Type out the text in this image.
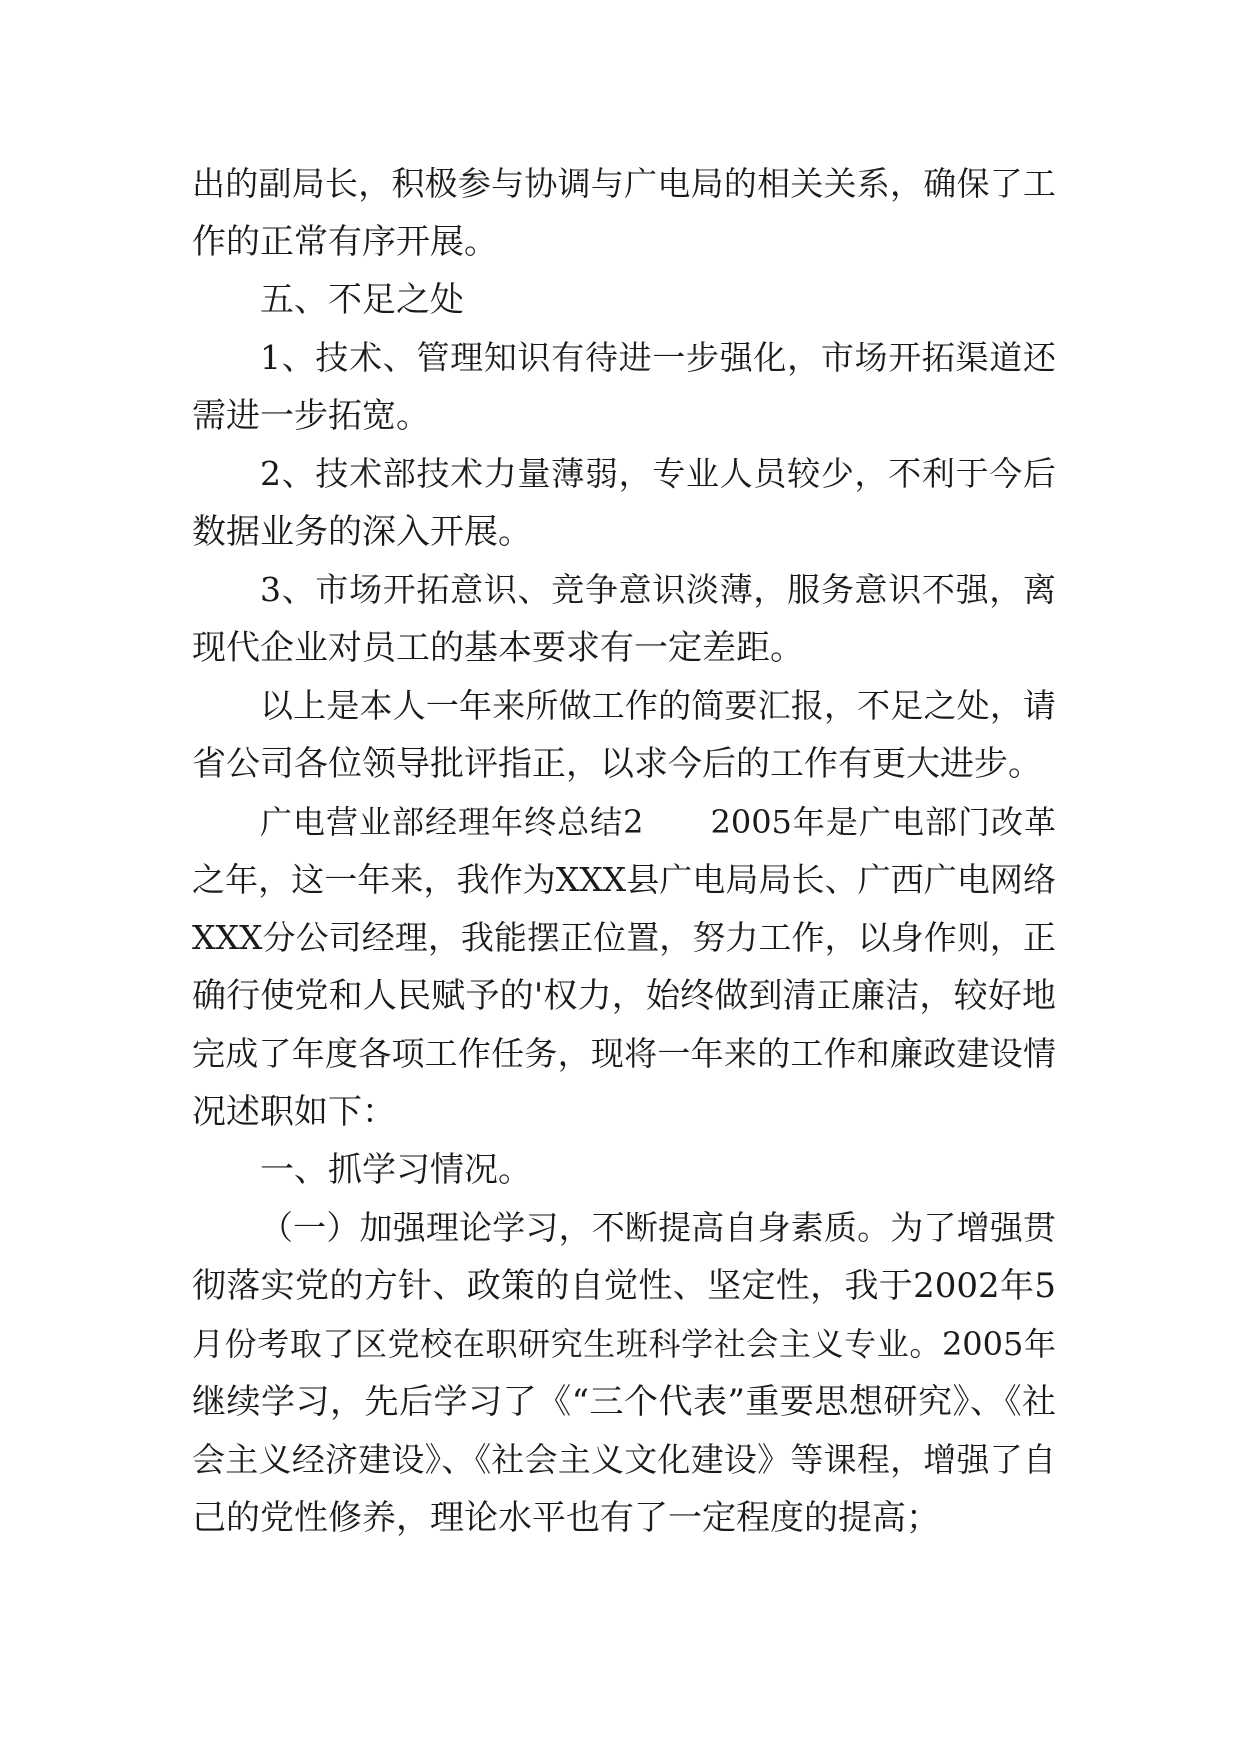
出的副局长，积极参与协调与广电局的相关关系，确保了工
作的正常有序开展。
五、不足之处
1、技术、管理知识有待进一步强化，市场开拓渠道还
需进一步拓宽。
2、技术部技术力量薄弱，专业人员较少，不利于今后
数据业务的深入开展。
3、市场开拓意识、竞争意识淡薄，服务意识不强，离
现代企业对员工的基本要求有一定差距。
以上是本人一年来所做工作的简要汇报，不足之处，请
省公司各位领导批评指正，以求今后的工作有更大进步。
广电营业部经理年终总结2　　2005年是广电部门改革
之年，这一年来，我作为XXX县广电局局长、广西广电网络
XXX分公司经理，我能摆正位置，努力工作，以身作则，正
确行使党和人民赋予的'权力，始终做到清正廉洁，较好地
完成了年度各项工作任务，现将一年来的工作和廉政建设情
况述职如下：
一、抓学习情况。
（一）加强理论学习，不断提高自身素质。为了增强贯
彻落实党的方针、政策的自觉性、坚定性，我于2002年5
月份考取了区党校在职研究生班科学社会主义专业。2005年
继续学习，先后学习了《“三个代表”重要思想研究》、《社
会主义经济建设》、《社会主义文化建设》等课程，增强了自
己的党性修养，理论水平也有了一定程度的提高；
